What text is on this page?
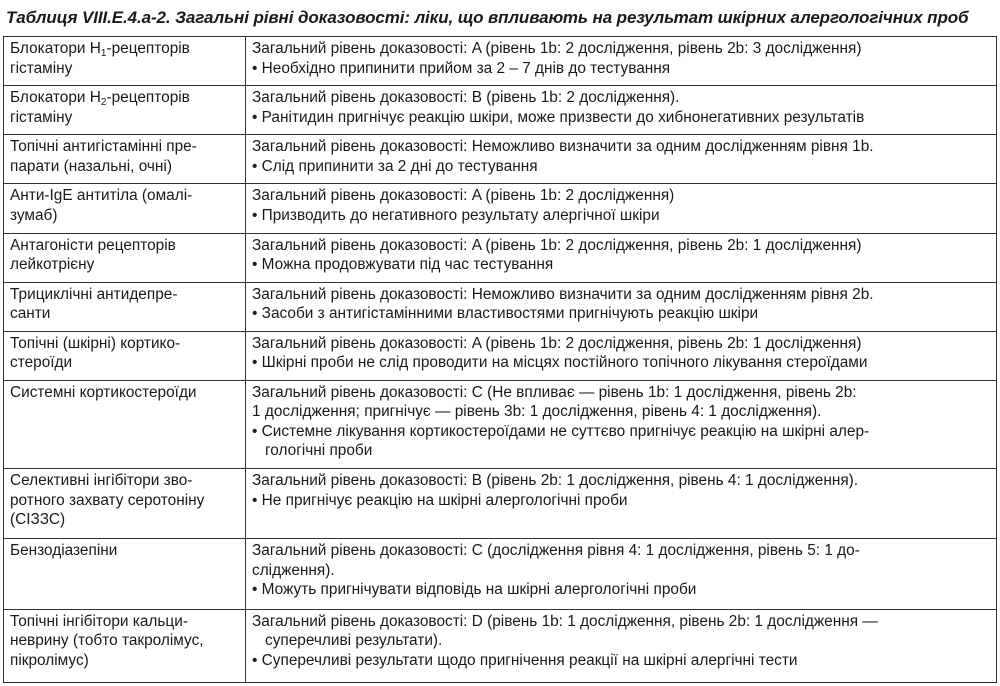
Таблиця VIII.E.4.a-2. Загальні рівні доказовості: ліки, що впливають на результат шкірних алергологічних проб
Блокатори $H_1$-рецепторів
гістаміну	Загальний рівень доказовості: A (рівень 1b: 2 дослідження, рівень 2b: 3 дослідження)
• Необхідно припинити прийом за 2 – 7 днів до тестування

Блокатори $H_2$-рецепторів
гістаміну	Загальний рівень доказовості: B (рівень 1b: 2 дослідження).
• Ранітидин пригнічує реакцію шкіри, може призвести до хибнонегативних результатів

Топічні антигістамінні пре-
парати (назальні, очні)	Загальний рівень доказовості: Неможливо визначити за одним дослідженням рівня 1b.
• Слід припинити за 2 дні до тестування

Анти-IgE антитіла (омалі-
зумаб)	Загальний рівень доказовості: A (рівень 1b: 2 дослідження)
• Призводить до негативного результату алергічної шкіри

Антагоністи рецепторів
лейкотрієну	Загальний рівень доказовості: A (рівень 1b: 2 дослідження, рівень 2b: 1 дослідження)
• Можна продовжувати під час тестування

Трициклічні антидепре-
санти	Загальний рівень доказовості: Неможливо визначити за одним дослідженням рівня 2b.
• Засоби з антигістамінними властивостями пригнічують реакцію шкіри

Топічні (шкірні) кортико-
стероїди	Загальний рівень доказовості: A (рівень 1b: 2 дослідження, рівень 2b: 1 дослідження)
• Шкірні проби не слід проводити на місцях постійного топічного лікування стероїдами

Системні кортикостероїди	Загальний рівень доказовості: C (Не впливає — рівень 1b: 1 дослідження, рівень 2b:
1 дослідження; пригнічує — рівень 3b: 1 дослідження, рівень 4: 1 дослідження).
• Системне лікування кортикостероїдами не суттєво пригнічує реакцію на шкірні алер-
гологічні проби

Селективні інгібітори зво-
ротного захвату серотоніну
(СІЗЗС)	Загальний рівень доказовості: B (рівень 2b: 1 дослідження, рівень 4: 1 дослідження).
• Не пригнічує реакцію на шкірні алергологічні проби

Бензодіазепіни	Загальний рівень доказовості: C (дослідження рівня 4: 1 дослідження, рівень 5: 1 до-
слідження).
• Можуть пригнічувати відповідь на шкірні алергологічні проби

Топічні інгібітори кальци-
неврину (тобто такролімус,
пікролімус)	Загальний рівень доказовості: D (рівень 1b: 1 дослідження, рівень 2b: 1 дослідження —
суперечливі результати).
• Суперечливі результати щодо пригнічення реакції на шкірні алергічні тести
